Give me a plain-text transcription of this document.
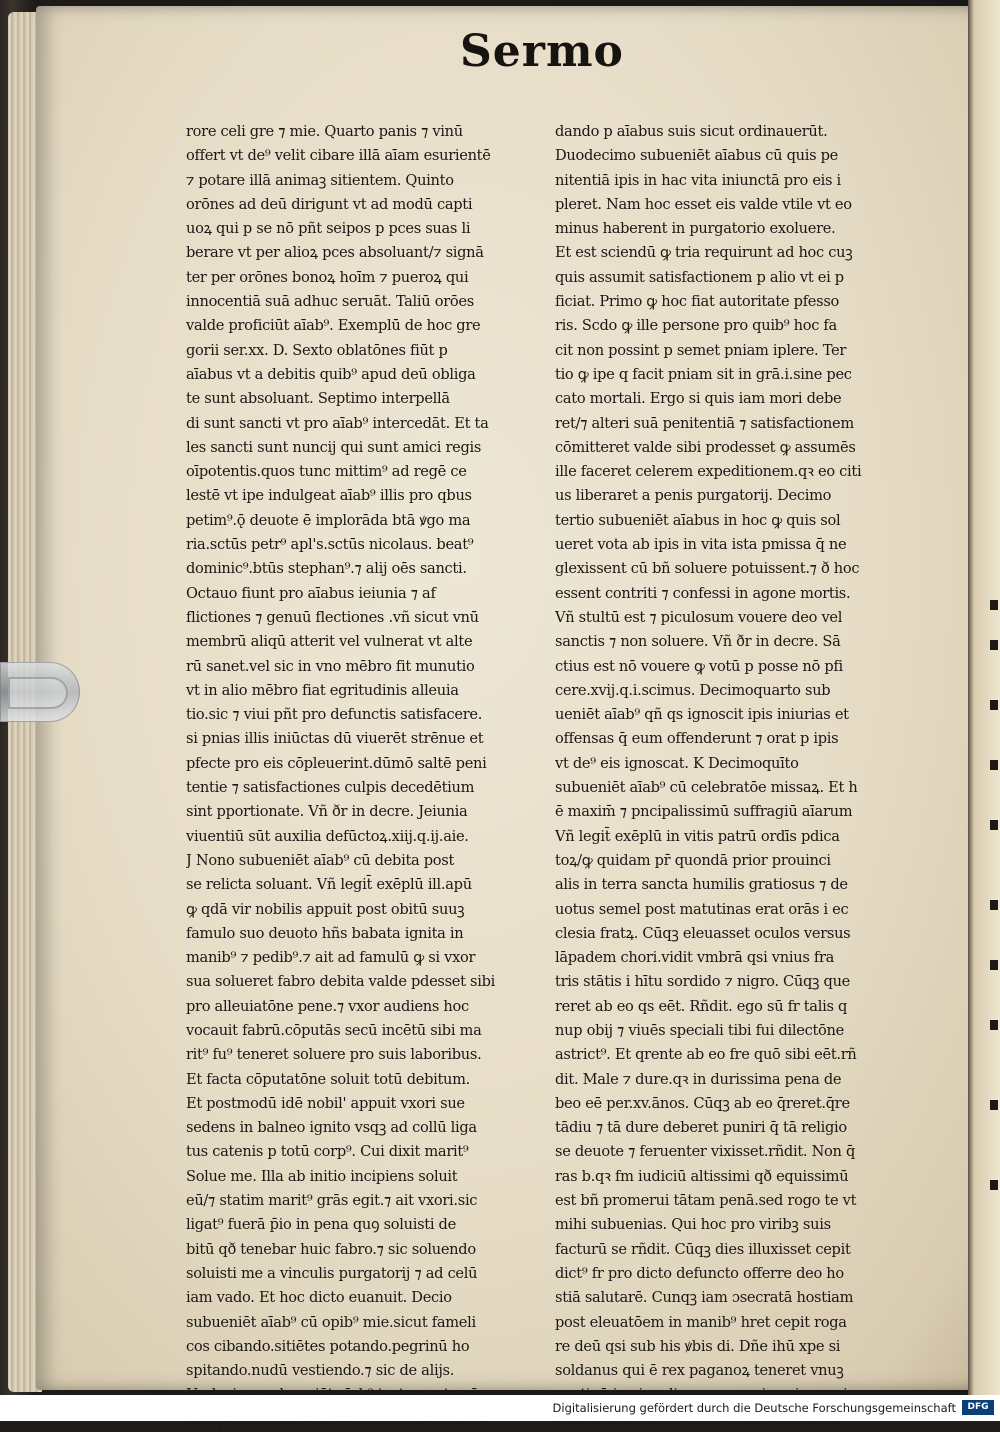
Sermo
rore celi gre ⁊ mie. Quarto panis ⁊ vinū
offert vt de⁹ velit cibare illā aīam esurientē
⁊ potare illā animaꝫ sitientem. Quinto
orōnes ad deū dirigunt vt ad modū capti
uoꝝ qui p se nō pñt seipos p pces suas li
berare vt per alioꝝ pces absoluant/⁊ signā
ter per orōnes bonoꝝ hoīm ⁊ pueroꝝ qui
innocentiā suā adhuc seruāt. Taliū orōes
valde proficiūt aīab⁹. Exemplū de hoc gre
gorii ser.xx. D. Sexto oblatōnes fiūt p
aīabus vt a debitis quib⁹ apud deū obliga
te sunt absoluant. Septimo interpellā
di sunt sancti vt pro aīab⁹ intercedāt. Et ta
les sancti sunt nuncij qui sunt amici regis
oīpotentis.quos tunc mittim⁹ ad regē ce
lestē vt ipe indulgeat aīab⁹ illis pro qbus
petim⁹.ǭ deuote ē implorāda btā ꝟgo ma
ria.sctūs petr⁹ apl's.sctūs nicolaus. beat⁹
dominic⁹.btūs stephan⁹.⁊ alij oēs sancti.
Octauo fiunt pro aīabus ieiunia ⁊ af
flictiones ⁊ genuū flectiones .vñ sicut vnū
membrū aliqū atterit vel vulnerat vt alte
rū sanet.vel sic in vno mēbro fit munutio
vt in alio mēbro fiat egritudinis alleuia
tio.sic ⁊ viui pñt pro defunctis satisfacere.
si pnias illis iniūctas dū viuerēt strēnue et
pfecte pro eis cōpleuerint.dūmō saltē peni
tentie ⁊ satisfactiones culpis decedētium
sint pportionate. Vñ ðr in decre. Jeiunia
viuentiū sūt auxilia defūctoꝝ.xiij.q.ij.aie.
J Nono subueniēt aīab⁹ cū debita post
se relicta soluant. Vñ legit̄ exēplū ill.apū
ꝙ qdā vir nobilis appuit post obitū suuꝫ
famulo suo deuoto hñs babata ignita in
manib⁹ ⁊ pedib⁹.⁊ ait ad famulū ꝙ si vxor
sua solueret fabro debita valde pdesset sibi
pro alleuiatōne pene.⁊ vxor audiens hoc
vocauit fabrū.cōputās secū incētū sibi ma
rit⁹ fu⁹ teneret soluere pro suis laboribus.
Et facta cōputatōne soluit totū debitum.
Et postmodū idē nobil' appuit vxori sue
sedens in balneo ignito vsqꝫ ad collū liga
tus catenis p totū corp⁹. Cui dixit marit⁹
Solue me. Illa ab initio incipiens soluit
eū/⁊ statim marit⁹ grās egit.⁊ ait vxori.sic
ligat⁹ fuerā p̄io in pena quꝯ soluisti de
bitū qð tenebar huic fabro.⁊ sic soluendo
soluisti me a vinculis purgatorij ⁊ ad celū
iam vado. Et hoc dicto euanuit. Decio
subueniēt aīab⁹ cū opib⁹ mie.sicut fameli
cos cibando.sitiētes potando.pegrinū ho
spitando.nudū vestiendo.⁊ sic de alijs.
dando p aīabus suis sicut ordinauerūt.
Duodecimo subueniēt aīabus cū quis pe
nitentiā ipis in hac vita iniunctā pro eis i
pleret. Nam hoc esset eis valde vtile vt eo
minus haberent in purgatorio exoluere.
Et est sciendū ꝙ tria requirunt ad hoc cuꝫ
quis assumit satisfactionem p alio vt ei p
ficiat. Primo ꝙ hoc fiat autoritate pfesso
ris. Scdo ꝙ ille persone pro quib⁹ hoc fa
cit non possint p semet pniam iplere. Ter
tio ꝙ ipe q facit pniam sit in grā.i.sine pec
cato mortali. Ergo si quis iam mori debe
ret/⁊ alteri suā penitentiā ⁊ satisfactionem
cōmitteret valde sibi prodesset ꝙ assumēs
ille faceret celerem expeditionem.qꝛ eo citi
us liberaret a penis purgatorij. Decimo
tertio subueniēt aīabus in hoc ꝙ quis sol
ueret vota ab ipis in vita ista pmissa q̄ ne
glexissent cū bñ soluere potuissent.⁊ ð hoc
essent contriti ⁊ confessi in agone mortis.
Vñ stultū est ⁊ piculosum vouere deo vel
sanctis ⁊ non soluere. Vñ ðr in decre. Sā
ctius est nō vouere ꝙ votū p posse nō pfi
cere.xvij.q.i.scimus. Decimoquarto sub
ueniēt aīab⁹ qñ qs ignoscit ipis iniurias et
offensas q̄ eum offenderunt ⁊ orat p ipis
vt de⁹ eis ignoscat. K Decimoquīto
subueniēt aīab⁹ cū celebratōe missaꝝ. Et h
ē maxim̄ ⁊ pncipalissimū suffragiū aīarum
Vñ legit̄ exēplū in vitis patrū ordīs pdica
toꝝ/ꝙ quidam pr̄ quondā prior prouinci
alis in terra sancta humilis gratiosus ⁊ de
uotus semel post matutinas erat orās i ec
clesia fratꝝ. Cūqꝫ eleuasset oculos versus
lāpadem chori.vidit vmbrā qsi vnius fra
tris stātis i hītu sordido ⁊ nigro. Cūqꝫ que
reret ab eo qs eēt. Rñdit. ego sū fr talis q
nup obij ⁊ viuēs speciali tibi fui dilectōne
astrict⁹. Et qrente ab eo fre quō sibi eēt.rñ
dit. Male ⁊ dure.qꝛ in durissima pena de
beo eē per.xv.ānos. Cūqꝫ ab eo q̄reret.q̄re
tādiu ⁊ tā dure deberet puniri q̄ tā religio
se deuote ⁊ feruenter vixisset.rñdit. Non q̄
ras b.qꝛ fm iudiciū altissimi qð equissimū
est bñ promerui tātam penā.sed rogo te vt
mihi subuenias. Qui hoc pro viribꝫ suis
facturū se rñdit. Cūqꝫ dies illuxisset cepit
dict⁹ fr pro dicto defuncto offerre deo ho
stiā salutarē. Cunqꝫ iam ɔsecratā hostiam
post eleuatōem in manib⁹ hret cepit roga
re deū qsi sub his ꝟbis di. Dñe ihū xpe si
soldanus qui ē rex paganoꝝ teneret vnuꝫ
Digitalisierung gefördert durch die Deutsche Forschungsgemeinschaft	DFG
